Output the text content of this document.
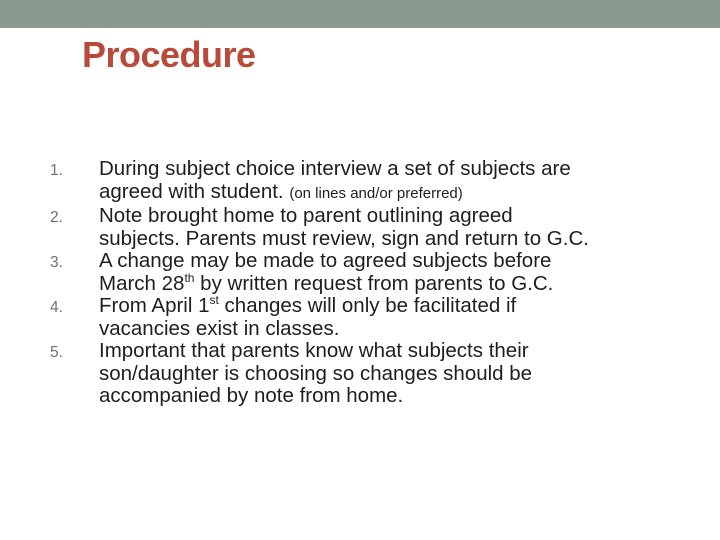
Procedure
1. During subject choice interview a set of subjects are
agreed with student. (on lines and/or preferred)
2. Note brought home to parent outlining agreed
subjects. Parents must review, sign and return to G.C.
3. A change may be made to agreed subjects before
March 28th by written request from parents to G.C.
4. From April 1st changes will only be facilitated if
vacancies exist in classes.
5. Important that parents know what subjects their
son/daughter is choosing so changes should be
accompanied by note from home.
